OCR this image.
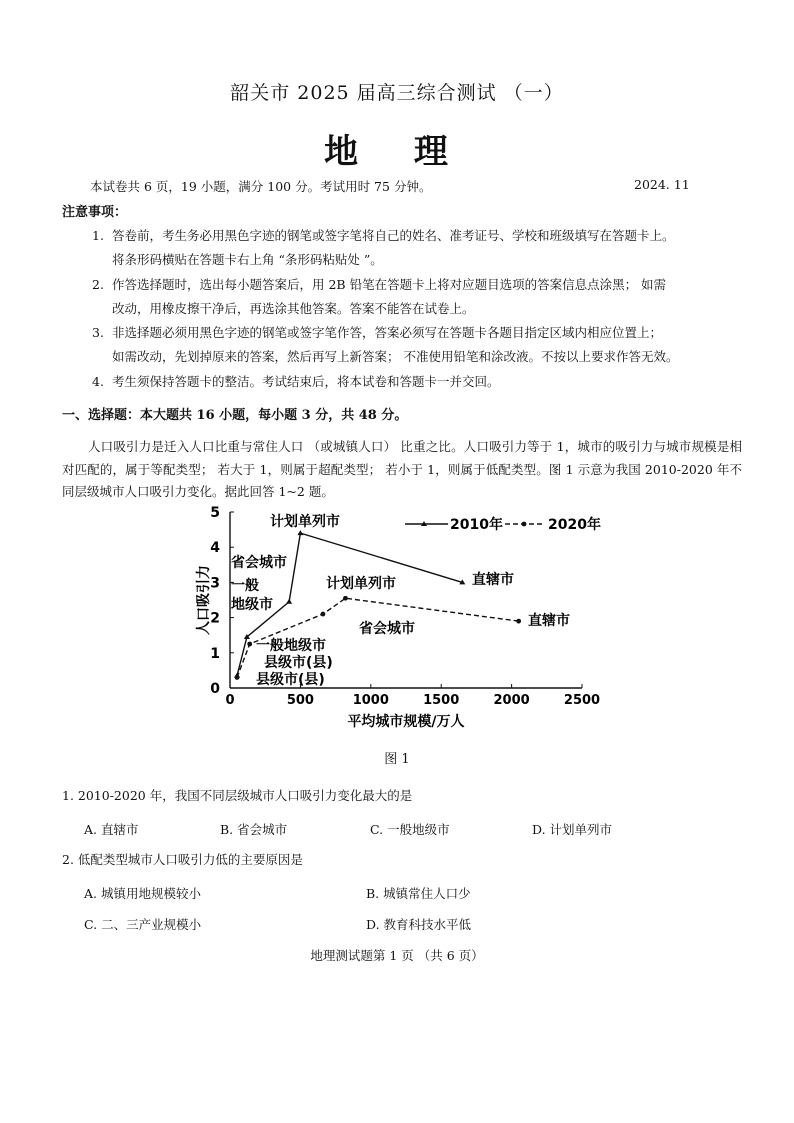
韶关市 2025 届高三综合测试 （一）
地 理
本试卷共 6 页，19 小题，满分 100 分。考试用时 75 分钟。	2024. 11
注意事项：
1. 答卷前，考生务必用黑色字迹的钢笔或签字笔将自己的姓名、准考证号、学校和班级填写在答题卡上。
将条形码横贴在答题卡右上角 “条形码粘贴处 ”。
2. 作答选择题时，选出每小题答案后，用 2B 铅笔在答题卡上将对应题目选项的答案信息点涂黑； 如需
改动，用橡皮擦干净后，再选涂其他答案。答案不能答在试卷上。
3. 非选择题必须用黑色字迹的钢笔或签字笔作答，答案必须写在答题卡各题目指定区域内相应位置上；
如需改动，先划掉原来的答案，然后再写上新答案； 不准使用铅笔和涂改液。不按以上要求作答无效。
4. 考生须保持答题卡的整洁。考试结束后，将本试卷和答题卡一并交回。
一、选择题：本大题共 16 小题，每小题 3 分，共 48 分。
人口吸引力是迁入人口比重与常住人口 （或城镇人口） 比重之比。人口吸引力等于 1，城市的吸引力与城市规模是相对匹配的，属于等配类型； 若大于 1，则属于超配类型； 若小于 1，则属于低配类型。图 1 示意为我国 2010-2020 年不同层级城市人口吸引力变化。据此回答 1~2 题。
0
1
2
3
4
5
0	500	1000	1500	2000	2500
平均城市规模/万人
人口吸引力
2010年	2020年
计划单列市
省会城市
一般
地级市
计划单列市	直辖市
直辖市
省会城市
一般地级市
县级市(县)
县级市(县)
图 1
1. 2010-2020 年，我国不同层级城市人口吸引力变化最大的是
A. 直辖市	B. 省会城市	C. 一般地级市	D. 计划单列市
2. 低配类型城市人口吸引力低的主要原因是
A. 城镇用地规模较小	B. 城镇常住人口少
C. 二、三产业规模小	D. 教育科技水平低
地理测试题第 1 页 （共 6 页）
